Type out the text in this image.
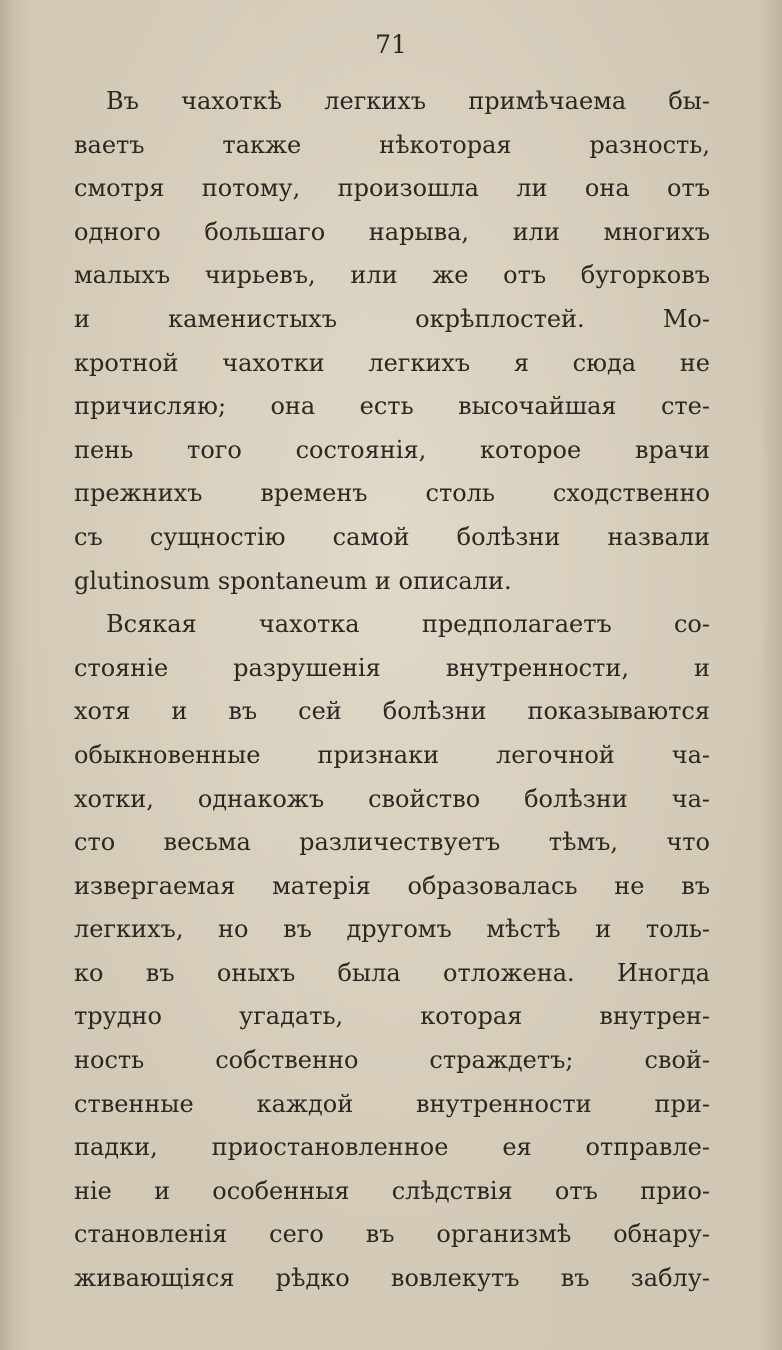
71
Въ чахоткѣ легкихъ примѣчаема бы-
ваетъ также нѣкоторая разность,
смотря потому, произошла ли она отъ
одного большаго нарыва, или многихъ
малыхъ чирьевъ, или же отъ бугорковъ
и каменистыхъ окрѣплостей. Мо-
кротной чахотки легкихъ я сюда не
причисляю; она есть высочайшая сте-
пень того состоянія, которое врачи
прежнихъ временъ столь сходственно
съ сущностію самой болѣзни назвали
glutinosum spontaneum и описали.
Всякая чахотка предполагаетъ со-
стояніе разрушенія внутренности, и
хотя и въ сей болѣзни показываются
обыкновенные признаки легочной ча-
хотки, однакожъ свойство болѣзни ча-
сто весьма различествуетъ тѣмъ, что
извергаемая матерія образовалась не въ
легкихъ, но въ другомъ мѣстѣ и толь-
ко въ оныхъ была отложена. Иногда
трудно угадать, которая внутрен-
ность собственно страждетъ; свой-
ственные каждой внутренности при-
падки, приостановленное ея отправле-
ніе и особенныя слѣдствія отъ прио-
становленія сего въ организмѣ обнару-
живающіяся рѣдко вовлекутъ въ заблу-
